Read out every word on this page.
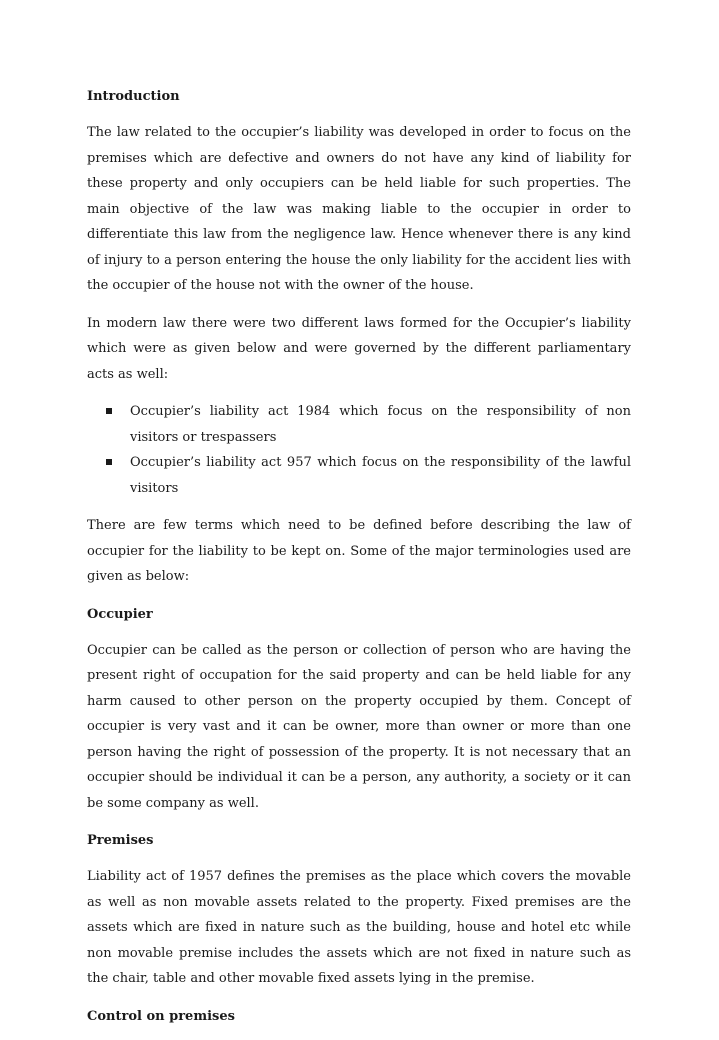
Introduction

The law related to the occupier’s liability was developed in order to focus on the premises which are defective and owners do not have any kind of liability for these property and only occupiers can be held liable for such properties. The main objective of the law was making liable to the occupier in order to differentiate this law from the negligence law. Hence whenever there is any kind of injury to a person entering the house the only liability for the accident lies with the occupier of the house not with the owner of the house.

In modern law there were two different laws formed for the Occupier’s liability which were as given below and were governed by the different parliamentary acts as well:

Occupier’s liability act 1984 which focus on the responsibility of non visitors or trespassers
Occupier’s liability act 957 which focus on the responsibility of the lawful visitors

There are few terms which need to be defined before describing the law of occupier for the liability to be kept on. Some of the major terminologies used are given as below:

Occupier

Occupier can be called as the person or collection of person who are having the present right of occupation for the said property and can be held liable for any harm caused to other person on the property occupied by them. Concept of occupier is very vast and it can be owner, more than owner or more than one person having the right of possession of the property. It is not necessary that an occupier should be individual it can be a person, any authority, a society or it can be some company as well.

Premises

Liability act of 1957 defines the premises as the place which covers the movable as well as non movable assets related to the property. Fixed premises are the assets which are fixed in nature such as the building, house and hotel etc while non movable premise includes the assets which are not fixed in nature such as the chair, table and other movable fixed assets lying in the premise.

Control on premises
